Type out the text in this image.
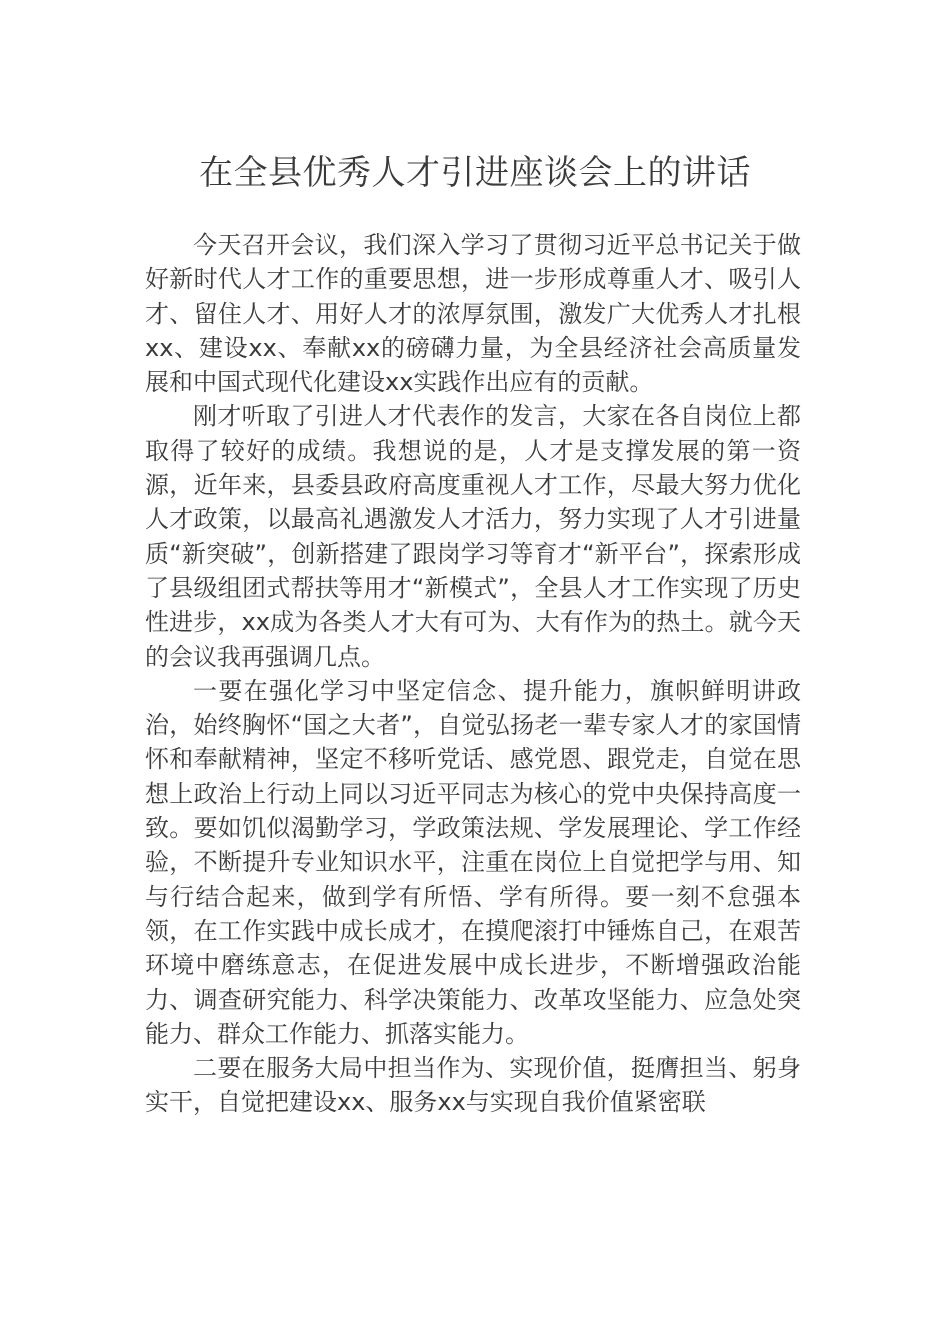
在全县优秀人才引进座谈会上的讲话

今天召开会议，我们深入学习了贯彻习近平总书记关于做好新时代人才工作的重要思想，进一步形成尊重人才、吸引人才、留住人才、用好人才的浓厚氛围，激发广大优秀人才扎根xx、建设xx、奉献xx的磅礴力量，为全县经济社会高质量发展和中国式现代化建设xx实践作出应有的贡献。

刚才听取了引进人才代表作的发言，大家在各自岗位上都取得了较好的成绩。我想说的是，人才是支撑发展的第一资源，近年来，县委县政府高度重视人才工作，尽最大努力优化人才政策，以最高礼遇激发人才活力，努力实现了人才引进量质“新突破”，创新搭建了跟岗学习等育才“新平台”，探索形成了县级组团式帮扶等用才“新模式”，全县人才工作实现了历史性进步，xx成为各类人才大有可为、大有作为的热土。就今天的会议我再强调几点。

一要在强化学习中坚定信念、提升能力，旗帜鲜明讲政治，始终胸怀“国之大者”，自觉弘扬老一辈专家人才的家国情怀和奉献精神，坚定不移听党话、感党恩、跟党走，自觉在思想上政治上行动上同以习近平同志为核心的党中央保持高度一致。要如饥似渴勤学习，学政策法规、学发展理论、学工作经验，不断提升专业知识水平，注重在岗位上自觉把学与用、知与行结合起来，做到学有所悟、学有所得。要一刻不怠强本领，在工作实践中成长成才，在摸爬滚打中锤炼自己，在艰苦环境中磨练意志，在促进发展中成长进步，不断增强政治能力、调查研究能力、科学决策能力、改革攻坚能力、应急处突能力、群众工作能力、抓落实能力。

二要在服务大局中担当作为、实现价值，挺膺担当、躬身实干，自觉把建设xx、服务xx与实现自我价值紧密联
